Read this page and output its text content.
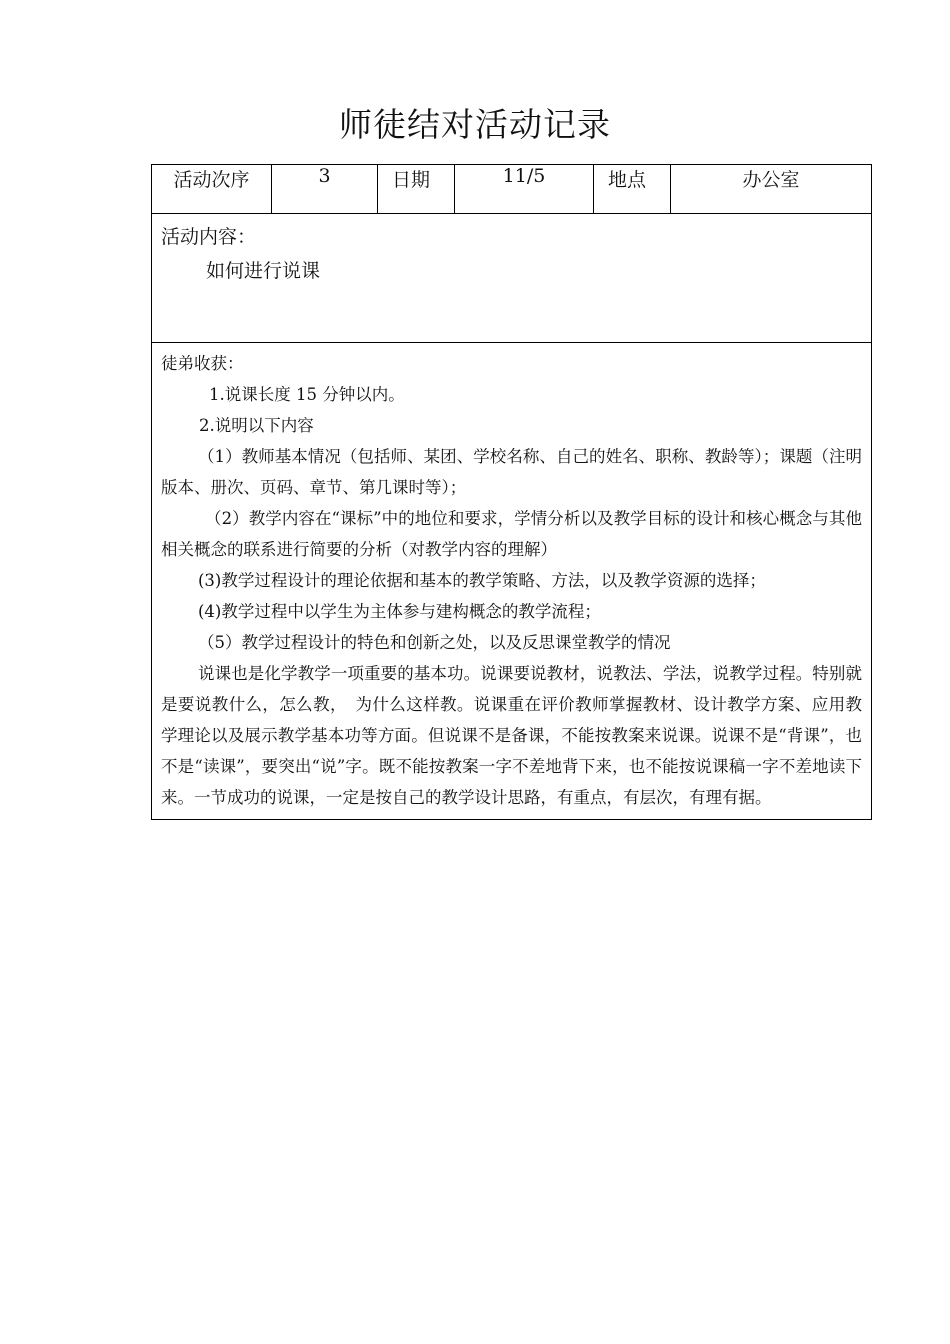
师徒结对活动记录
活动次序	3	日期	11/5	地点	办公室

活动内容：
如何进行说课

徒弟收获：

1.说课长度 15 分钟以内。

2.说明以下内容

（1）教师基本情况（包括师、某团、学校名称、自己的姓名、职称、教龄等）；课题（注明版本、册次、页码、章节、第几课时等）；

（2）教学内容在“课标”中的地位和要求，学情分析以及教学目标的设计和核心概念与其他相关概念的联系进行简要的分析（对教学内容的理解）

(3)教学过程设计的理论依据和基本的教学策略、方法，以及教学资源的选择；

(4)教学过程中以学生为主体参与建构概念的教学流程；

（5）教学过程设计的特色和创新之处，以及反思课堂教学的情况

说课也是化学教学一项重要的基本功。说课要说教材，说教法、学法，说教学过程。特别就是要说教什么，怎么教，　为什么这样教。说课重在评价教师掌握教材、设计教学方案、应用教学理论以及展示教学基本功等方面。但说课不是备课，不能按教案来说课。说课不是“背课”，也不是“读课”，要突出“说”字。既不能按教案一字不差地背下来，也不能按说课稿一字不差地读下来。一节成功的说课，一定是按自己的教学设计思路，有重点，有层次，有理有据。
